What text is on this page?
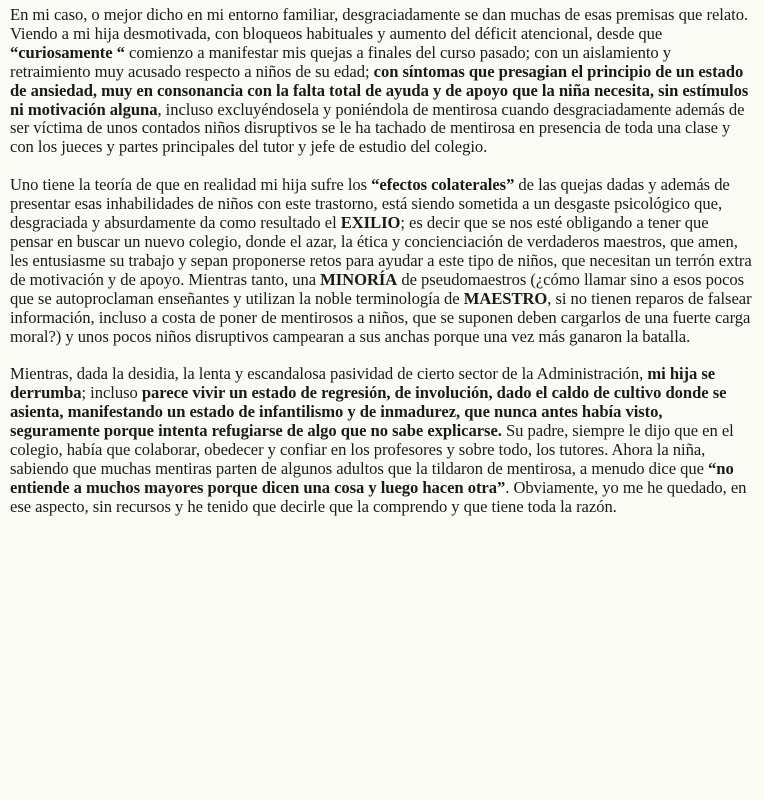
En mi caso, o mejor dicho en mi entorno familiar, desgraciadamente se dan muchas de esas premisas que relato. Viendo a mi hija desmotivada, con bloqueos habituales y aumento del déficit atencional, desde que “curiosamente “ comienzo a manifestar mis quejas a finales del curso pasado; con un aislamiento y retraimiento muy acusado respecto a niños de su edad; con síntomas que presagian el principio de un estado de ansiedad, muy en consonancia con la falta total de ayuda y de apoyo que la niña necesita, sin estímulos ni motivación alguna, incluso excluyéndosela y poniéndola de mentirosa cuando desgraciadamente además de ser víctima de unos contados niños disruptivos se le ha tachado de mentirosa en presencia de toda una clase y con los jueces y partes principales del tutor y jefe de estudio del colegio.

Uno tiene la teoría de que en realidad mi hija sufre los “efectos colaterales” de las quejas dadas y además de presentar esas inhabilidades de niños con este trastorno, está siendo sometida a un desgaste psicológico que, desgraciada y absurdamente da como resultado el EXILIO; es decir que se nos esté obligando a tener que pensar en buscar un nuevo colegio, donde el azar, la ética y concienciación de verdaderos maestros, que amen, les entusiasme su trabajo y sepan proponerse retos para ayudar a este tipo de niños, que necesitan un terrón extra de motivación y de apoyo. Mientras tanto, una MINORÍA de pseudomaestros (¿cómo llamar sino a esos pocos que se autoproclaman enseñantes y utilizan la noble terminología de MAESTRO, si no tienen reparos de falsear información, incluso a costa de poner de mentirosos a niños, que se suponen deben cargarlos de una fuerte carga moral?) y unos pocos niños disruptivos campearan a sus anchas porque una vez más ganaron la batalla.

Mientras, dada la desidia, la lenta y escandalosa pasividad de cierto sector de la Administración, mi hija se derrumba; incluso parece vivir un estado de regresión, de involución, dado el caldo de cultivo donde se asienta, manifestando un estado de infantilismo y de inmadurez, que nunca antes había visto, seguramente porque intenta refugiarse de algo que no sabe explicarse. Su padre, siempre le dijo que en el colegio, había que colaborar, obedecer y confiar en los profesores y sobre todo, los tutores. Ahora la niña, sabiendo que muchas mentiras parten de algunos adultos que la tildaron de mentirosa, a menudo dice que “no entiende a muchos mayores porque dicen una cosa y luego hacen otra”. Obviamente, yo me he quedado, en ese aspecto, sin recursos y he tenido que decirle que la comprendo y que tiene toda la razón.
